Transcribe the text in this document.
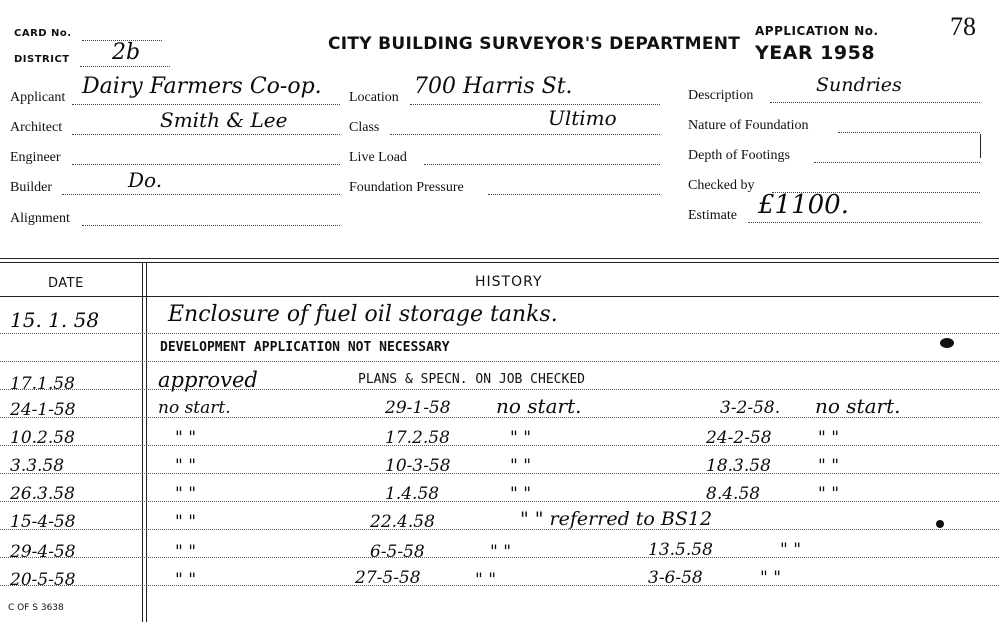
CARD No.
DISTRICT 2b	CITY BUILDING SURVEYOR'S DEPARTMENT
APPLICATION No.	78
YEAR 1958
Applicant Dairy Farmers Co-op.
Architect	Smith & Lee
Engineer
Builder	Do.
Alignment
Location 700 Harris St.
Class	Ultimo
Live Load
Foundation Pressure
Description	Sundries
Nature of Foundation
Depth of Footings
Checked by
Estimate £1100.
DATE	HISTORY
15. 1. 58	Enclosure of fuel oil storage tanks.
DEVELOPMENT APPLICATION NOT NECESSARY
17.1.58	approved	PLANS & SPECN. ON JOB CHECKED
24-1-58	no start.	29-1-58 no start.	3-2-58. no start.
10.2.58	" "	17.2.58	" "	24-2-58	" "
3.3.58	" "	10-3-58	" "	18.3.58	" "
26.3.58	" "	1.4.58	" "	8.4.58	" "
15-4-58	" "	22.4.58	" " referred to BS12
29-4-58	" "	6-5-58	" "	13.5.58	" "
20-5-58	" "	27-5-58	" "	3-6-58	" "
C OF S 3638
